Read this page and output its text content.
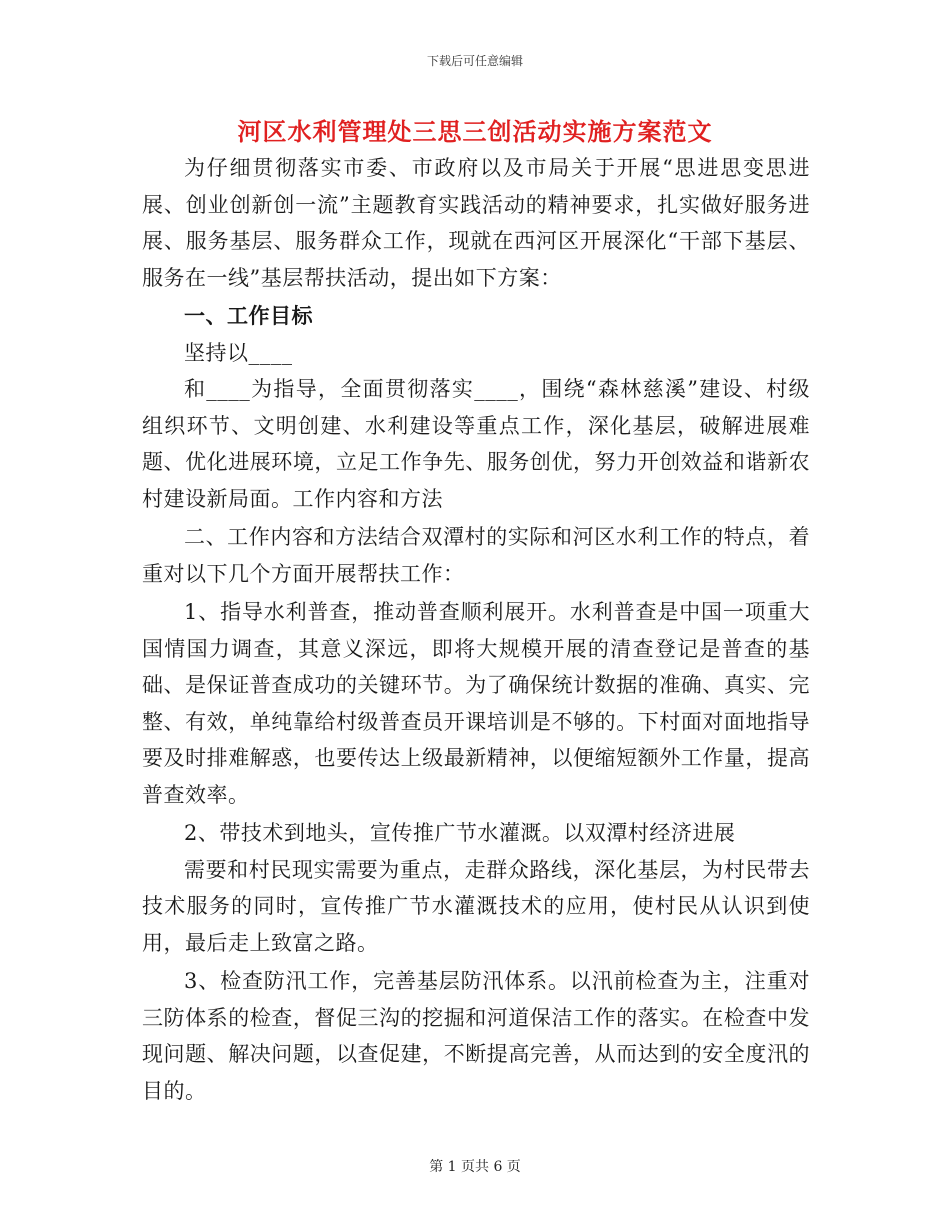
下载后可任意编辑
河区水利管理处三思三创活动实施方案范文

为仔细贯彻落实市委、市政府以及市局关于开展“思进思变思进展、创业创新创一流”主题教育实践活动的精神要求，扎实做好服务进展、服务基层、服务群众工作，现就在西河区开展深化“干部下基层、服务在一线”基层帮扶活动，提出如下方案：

一、工作目标

坚持以____

和____为指导，全面贯彻落实____，围绕“森林慈溪”建设、村级组织环节、文明创建、水利建设等重点工作，深化基层，破解进展难题、优化进展环境，立足工作争先、服务创优，努力开创效益和谐新农村建设新局面。工作内容和方法

二、工作内容和方法结合双潭村的实际和河区水利工作的特点，着重对以下几个方面开展帮扶工作：

1、指导水利普查，推动普查顺利展开。水利普查是中国一项重大国情国力调查，其意义深远，即将大规模开展的清查登记是普查的基础、是保证普查成功的关键环节。为了确保统计数据的准确、真实、完整、有效，单纯靠给村级普查员开课培训是不够的。下村面对面地指导要及时排难解惑，也要传达上级最新精神，以便缩短额外工作量，提高普查效率。

2、带技术到地头，宣传推广节水灌溉。以双潭村经济进展

需要和村民现实需要为重点，走群众路线，深化基层，为村民带去技术服务的同时，宣传推广节水灌溉技术的应用，使村民从认识到使用，最后走上致富之路。

3、检查防汛工作，完善基层防汛体系。以汛前检查为主，注重对三防体系的检查，督促三沟的挖掘和河道保洁工作的落实。在检查中发现问题、解决问题，以查促建，不断提高完善，从而达到的安全度汛的目的。

第 1 页共 6 页
